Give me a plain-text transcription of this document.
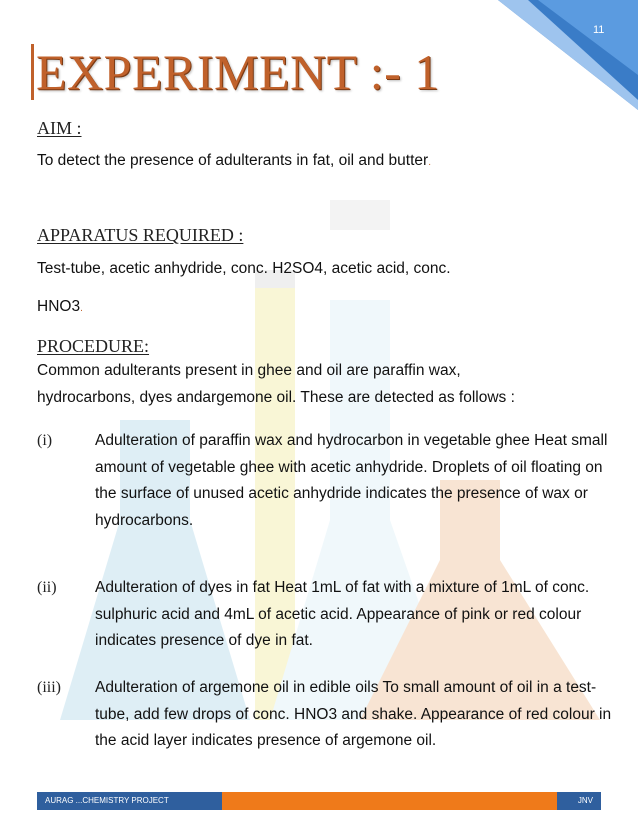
11
EXPERIMENT :- 1
AIM :
To detect the presence of adulterants in fat, oil and butter.
APPARATUS REQUIRED :
Test-tube, acetic anhydride, conc. H2SO4, acetic acid, conc.
HNO3.
PROCEDURE:
Common adulterants present in ghee and oil are paraffin wax,
hydrocarbons, dyes andargemone oil. These are detected as follows :
(i)	Adulteration of paraffin wax and hydrocarbon in vegetable ghee Heat small amount of vegetable ghee with acetic anhydride. Droplets of oil floating on the surface of unused acetic anhydride indicates the presence of wax or hydrocarbons.
(ii) Adulteration of dyes in fat Heat 1mL of fat with a mixture of 1mL of conc. sulphuric acid and 4mL of acetic acid. Appearance of pink or red colour indicates presence of dye in fat.
(iii) Adulteration of argemone oil in edible oils To small amount of oil in a test-tube, add few drops of conc. HNO3 and shake. Appearance of red colour in the acid layer indicates presence of argemone oil.
AURAG ...CHEMISTRY PROJECT	JNV
